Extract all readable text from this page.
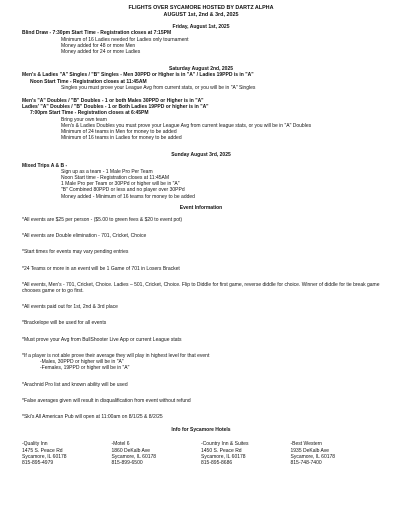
FLIGHTS OVER SYCAMORE HOSTED BY DARTZ ALPHA
AUGUST 1st, 2nd & 3rd, 2025
Friday, August 1st, 2025
Blind Draw - 7:30pm Start Time - Registration closes at 7:15PM
Minimum of 16 Ladies needed for Ladies only tournament
Money added for 48 or more Men
Money added for 24 or more Ladies
Saturday August 2nd, 2025
Men's & Ladies "A" Singles / "B" Singles - Men 30PPD or Higher is in "A" / Ladies 19PPD is in "A"
Noon Start Time - Registration closes at 11:45AM
Singles you must prove your League Avg from current stats, or you will be in "A" Singles
Men's "A" Doubles / "B" Doubles - 1 or both Males 30PPD or Higher is in "A"
Ladies' "A" Doubles / "B" Doubles - 1 or Both Ladies 19PPD or higher is in "A"
7:00pm Start Time - Registration closes at 6:45PM
Bring your own team
Men's & Ladies Doubles you must prove your League Avg from current league stats, or you will be in "A" Doubles
Minimum of 24 teams in Men for money to be added
Minimum of 16 teams in Ladies for money to be added
Sunday August 3rd, 2025
Mixed Trips A & B -
Sign up as a team - 1 Male Pro Per Team
Noon Start time - Registration closes at 11:45AM
1 Male Pro per Team or 30PPd or higher will be in "A"
"B" Combined 80PPD or less and no player over 30PPd
Money added - Minimum of 16 teams for money to be added
Event Information
*All events are $25 per person - ($5.00 to green fees & $20 to event pot)
*All events are Double elimination - 701, Cricket, Choice
*Start times for events may vary pending entries
*24 Teams or more in an event will be 1 Game of 701 in Losers Bracket
*All events, Men's - 701, Cricket, Choice. Ladies – 501, Cricket, Choice. Flip to Diddle for first game, reverse diddle for choice. Winner of diddle for tie break game chooses game or to go first.
*All events paid out for 1st, 2nd & 3rd place
*Brackelope will be used for all events
*Must prove your Avg from BullShooter Live App or current League stats
*If a player is not able prove their average they will play in highest level for that event
-Males, 30PPD or higher will be in "A"
-Females, 19PPD or higher will be in "A"
*Arachnid Pro list and known ability will be used
*False averages given will result in disqualification from event without refund
*Ski's All American Pub will open at 11:00am on 8/1/25 & 8/2/25
Info for Sycamore Hotels
-Quality Inn
1475 S. Peace Rd
Sycamore, IL 60178
815-895-4979
-Motel 6
1860 DeKalb Ave
Sycamore, IL 60178
815-899-6500
-Country Inn & Suites
1450 S. Peace Rd
Sycamore, IL 60178
815-895-8686
-Best Western
1935 DeKalb Ave
Sycamore, IL 60178
815-748-7400
